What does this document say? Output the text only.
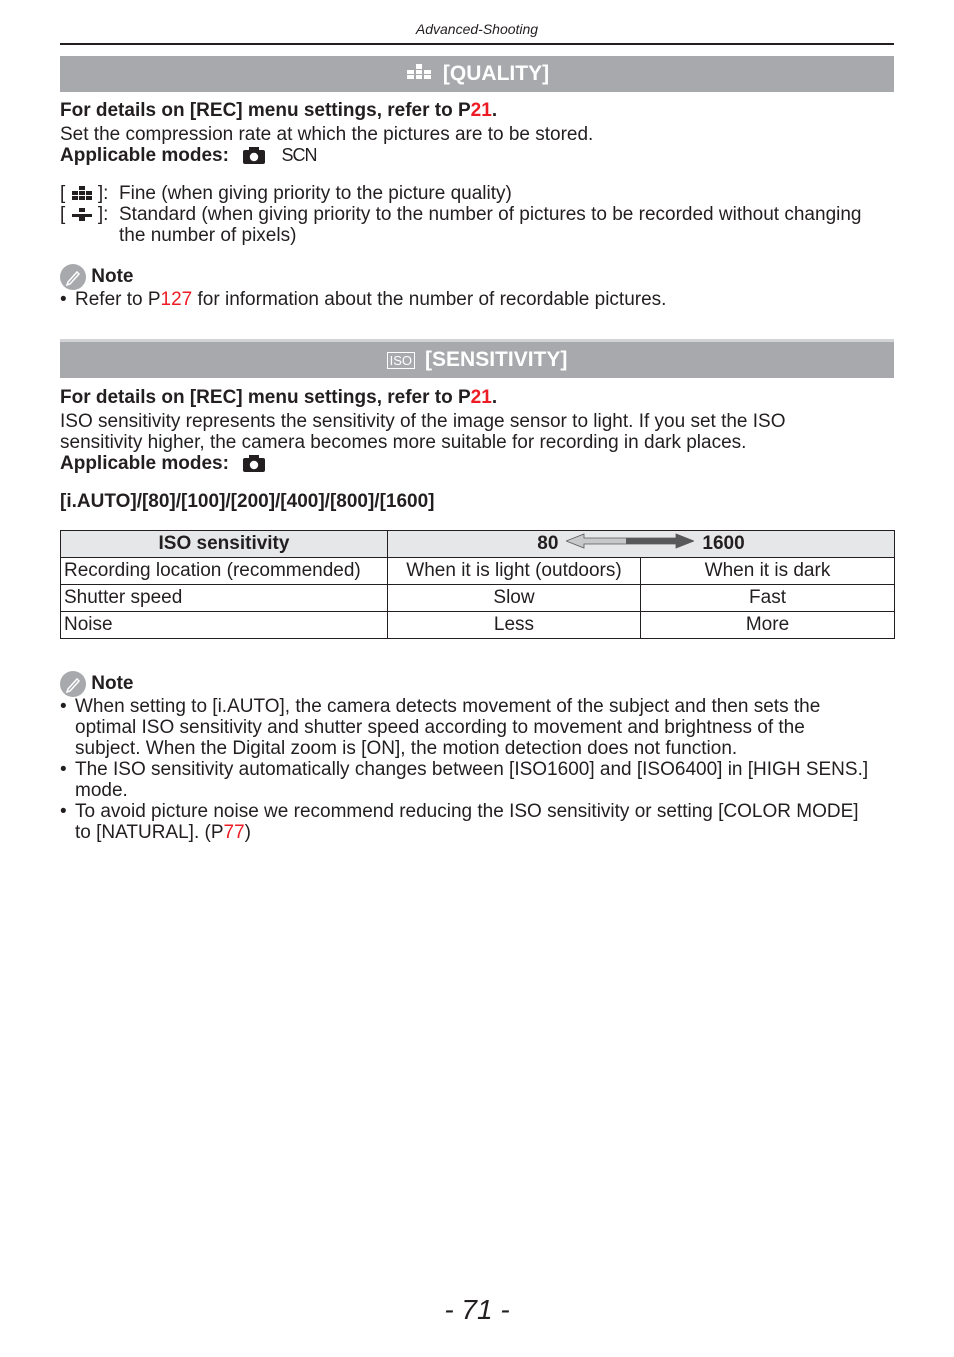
Advanced-Shooting
[QUALITY]
For details on [REC] menu settings, refer to P21.
Set the compression rate at which the pictures are to be stored.
Applicable modes:	SCN
[ ]: Fine (when giving priority to the picture quality)
[ ]: Standard (when giving priority to the number of pictures to be recorded without changing
the number of pixels)
Note
• Refer to P127 for information about the number of recordable pictures.
ISO [SENSITIVITY]
For details on [REC] menu settings, refer to P21.
ISO sensitivity represents the sensitivity of the image sensor to light. If you set the ISO
sensitivity higher, the camera becomes more suitable for recording in dark places.
Applicable modes:
[i.AUTO]/[80]/[100]/[200]/[400]/[800]/[1600]
ISO sensitivity	80 1600	

Recording location (recommended)	When it is light (outdoors)	When it is dark
Shutter speed	Slow	Fast
Noise	Less	More
Note
• When setting to [i.AUTO], the camera detects movement of the subject and then sets the
optimal ISO sensitivity and shutter speed according to movement and brightness of the
subject. When the Digital zoom is [ON], the motion detection does not function.
• The ISO sensitivity automatically changes between [ISO1600] and [ISO6400] in [HIGH SENS.]
mode.
• To avoid picture noise we recommend reducing the ISO sensitivity or setting [COLOR MODE]
to [NATURAL]. (P77)
- 71 -
